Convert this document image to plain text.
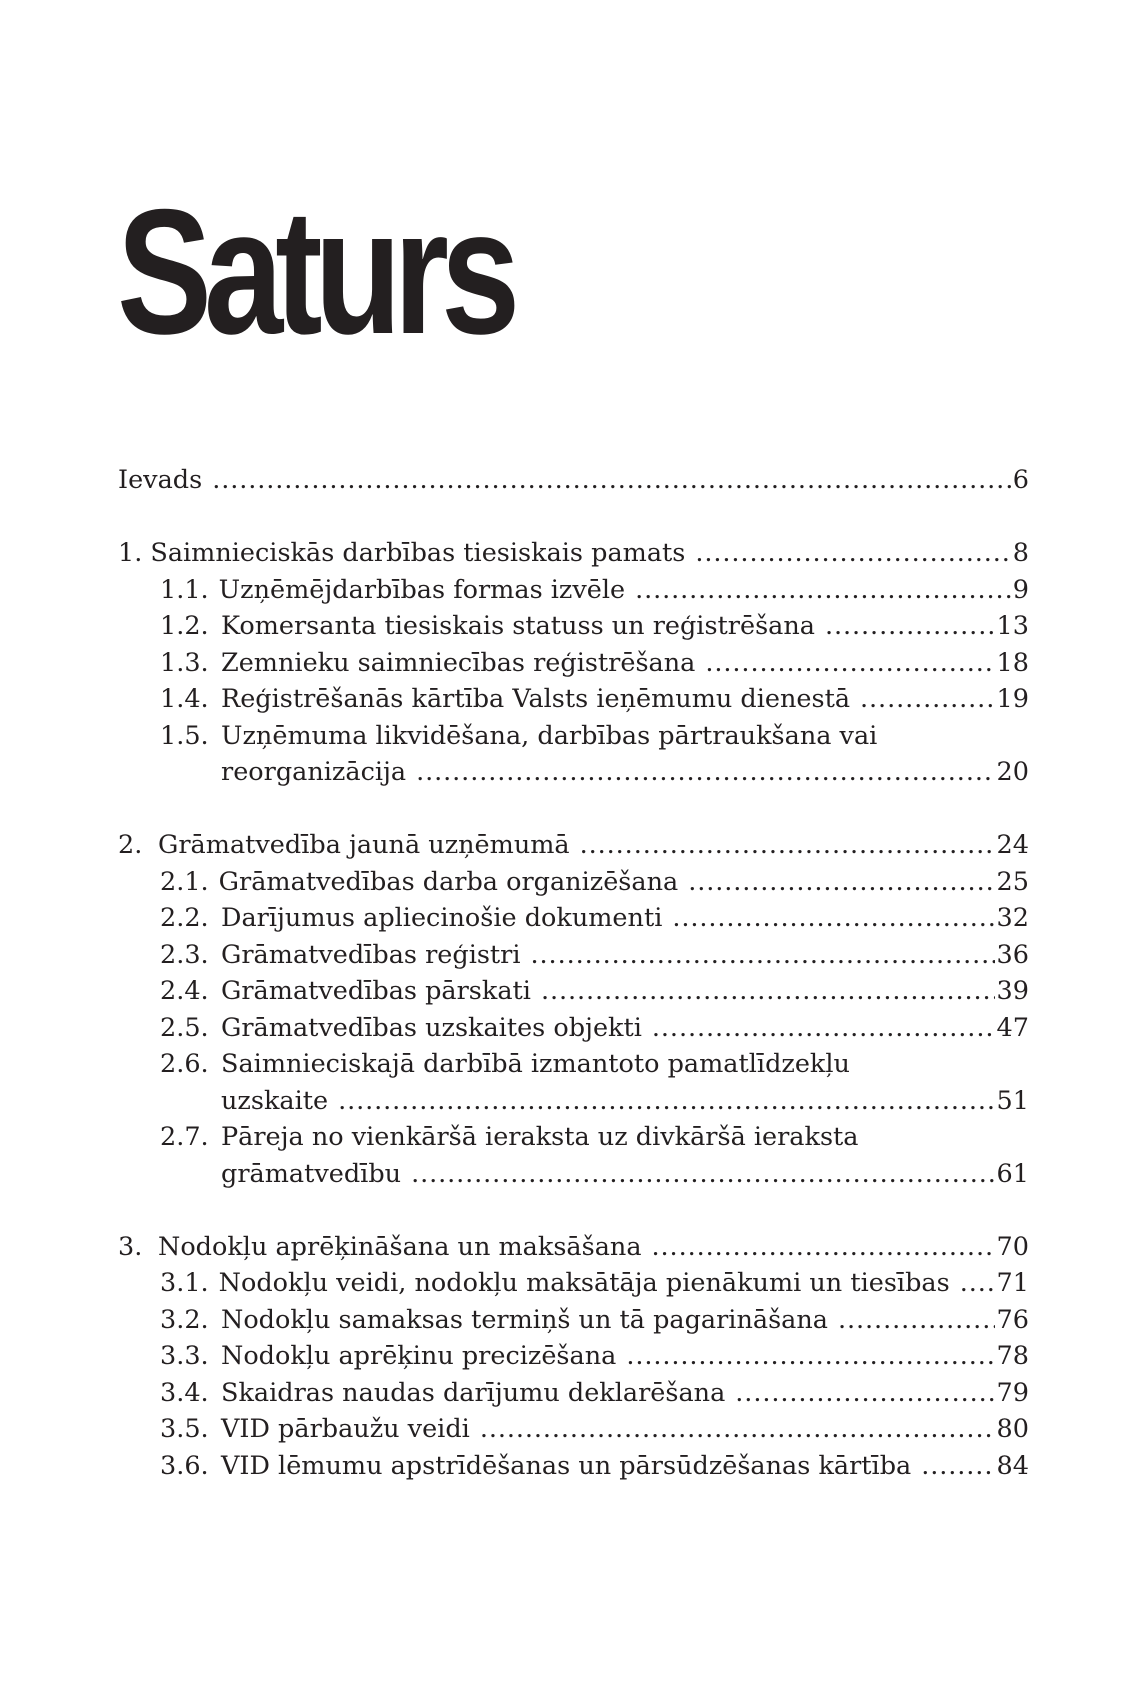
Saturs
Ievads . . .	6
1. Saimnieciskās darbības tiesiskais pamats . . .	8
1.1. Uzņēmējdarbības formas izvēle . . .	9
1.2. Komersanta tiesiskais statuss un reģistrēšana . . .	13
1.3. Zemnieku saimniecības reģistrēšana . . .	18
1.4. Reģistrēšanās kārtība Valsts ieņēmumu dienestā . . .	19
1.5. Uzņēmuma likvidēšana, darbības pārtraukšana vai
reorganizācija . . .	20
2. Grāmatvedība jaunā uzņēmumā . . .	24
2.1. Grāmatvedības darba organizēšana . . .	25
2.2. Darījumus apliecinošie dokumenti . . .	32
2.3. Grāmatvedības reģistri . . .	36
2.4. Grāmatvedības pārskati . . .	39
2.5. Grāmatvedības uzskaites objekti . . .	47
2.6. Saimnieciskajā darbībā izmantoto pamatlīdzekļu
uzskaite . . .	51
2.7. Pāreja no vienkāršā ieraksta uz divkāršā ieraksta
grāmatvedību . . .	61
3. Nodokļu aprēķināšana un maksāšana . . .	70
3.1. Nodokļu veidi, nodokļu maksātāja pienākumi un tiesības . . . 71
3.2. Nodokļu samaksas termiņš un tā pagarināšana . . .	76
3.3. Nodokļu aprēķinu precizēšana . . .	78
3.4. Skaidras naudas darījumu deklarēšana . . .	79
3.5. VID pārbaužu veidi . . .	80
3.6. VID lēmumu apstrīdēšanas un pārsūdzēšanas kārtība . . .	84
